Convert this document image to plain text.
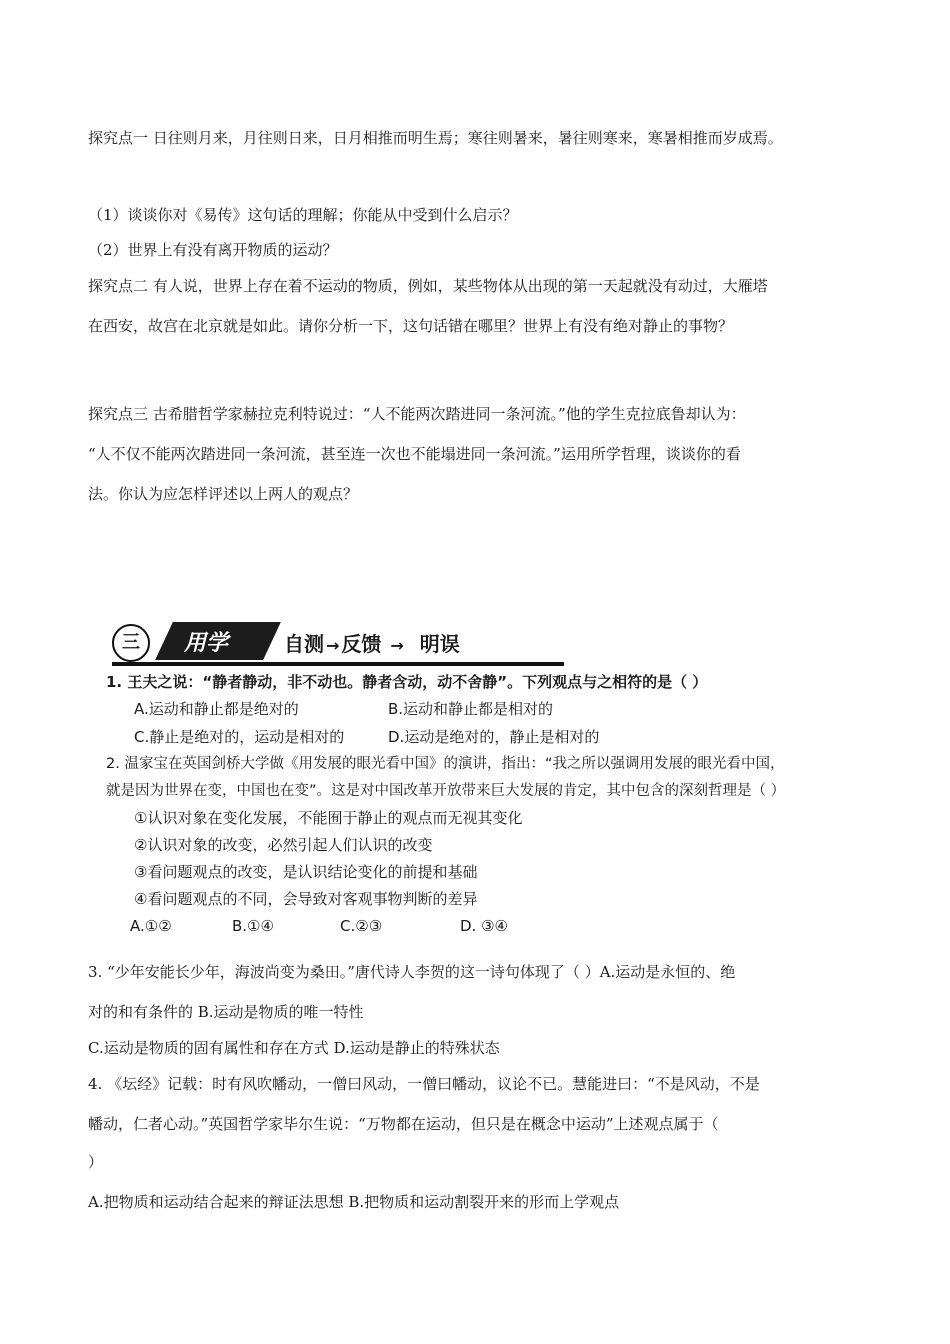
探究点一 日往则月来，月往则日来，日月相推而明生焉；寒往则暑来，暑往则寒来，寒暑相推而岁成焉。
（1）谈谈你对《易传》这句话的理解；你能从中受到什么启示？
（2）世界上有没有离开物质的运动？
探究点二 有人说，世界上存在着不运动的物质，例如，某些物体从出现的第一天起就没有动过，大雁塔
在西安，故宫在北京就是如此。请你分析一下，这句话错在哪里？世界上有没有绝对静止的事物？
探究点三 古希腊哲学家赫拉克利特说过：“人不能两次踏进同一条河流。”他的学生克拉底鲁却认为：
“人不仅不能两次踏进同一条河流，甚至连一次也不能塌进同一条河流。”运用所学哲理，谈谈你的看
法。你认为应怎样评述以上两人的观点？
三	用学	自测 → 反馈 → 明误
1. 王夫之说：“静者静动，非不动也。静者含动，动不舍静”。下列观点与之相符的是（ ）
A.运动和静止都是绝对的	B.运动和静止都是相对的
C.静止是绝对的，运动是相对的	D.运动是绝对的，静止是相对的
2. 温家宝在英国剑桥大学做《用发展的眼光看中国》的演讲，指出：“我之所以强调用发展的眼光看中国，
就是因为世界在变，中国也在变”。这是对中国改革开放带来巨大发展的肯定，其中包含的深刻哲理是（ ）
①认识对象在变化发展，不能囿于静止的观点而无视其变化
②认识对象的改变，必然引起人们认识的改变
③看问题观点的改变，是认识结论变化的前提和基础
④看问题观点的不同，会导致对客观事物判断的差异
A.①②	B.①④	C.②③	D. ③④
3. “少年安能长少年，海波尚变为桑田。”唐代诗人李贺的这一诗句体现了（ ）A.运动是永恒的、绝
对的和有条件的 B.运动是物质的唯一特性
C.运动是物质的固有属性和存在方式 D.运动是静止的特殊状态
4. 《坛经》记载：时有风吹幡动，一僧曰风动，一僧曰幡动，议论不已。慧能进曰：“不是风动，不是
幡动，仁者心动。”英国哲学家毕尔生说：“万物都在运动，但只是在概念中运动”上述观点属于（
）
A.把物质和运动结合起来的辩证法思想 B.把物质和运动割裂开来的形而上学观点
